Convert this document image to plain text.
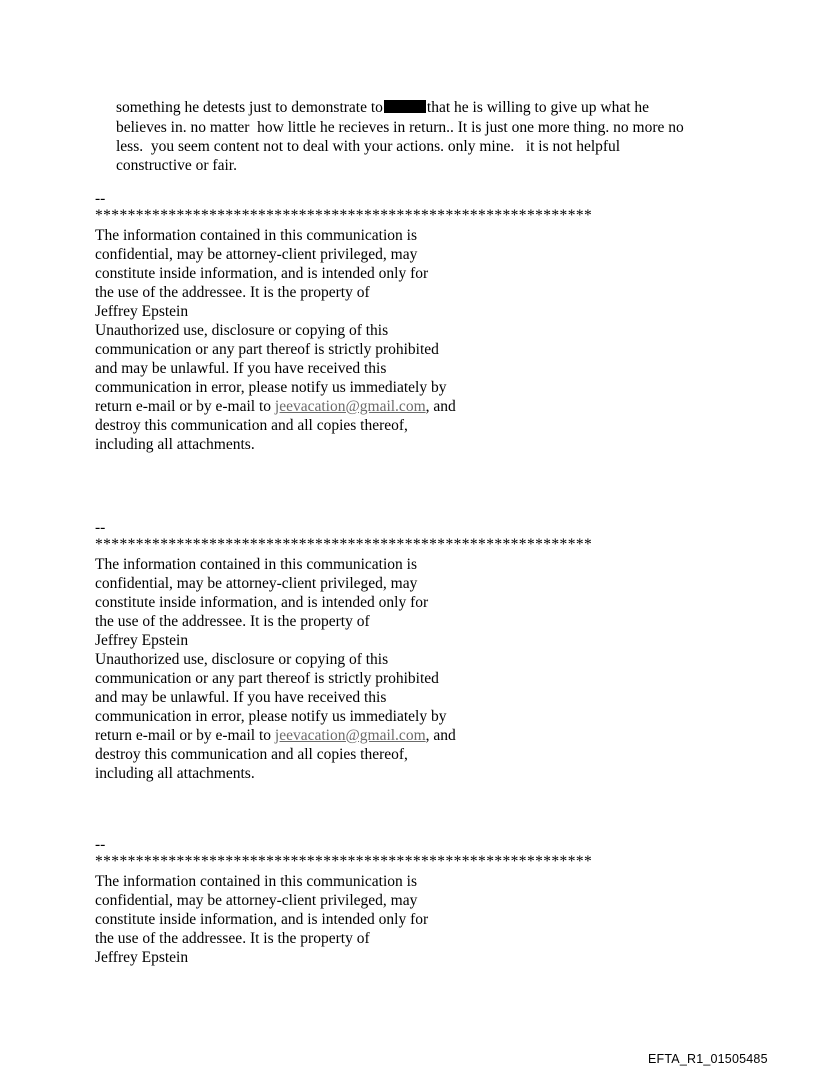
something he detests just to demonstrate to	that he is willing to give up what he
believes in. no matter  how little he recieves in return.. It is just one more thing. no more no
less.  you seem content not to deal with your actions. only mine.   it is not helpful
constructive or fair.
--
*************************************************************
The information contained in this communication is
confidential, may be attorney-client privileged, may
constitute inside information, and is intended only for
the use of the addressee. It is the property of
Jeffrey Epstein
Unauthorized use, disclosure or copying of this
communication or any part thereof is strictly prohibited
and may be unlawful. If you have received this
communication in error, please notify us immediately by
return e-mail or by e-mail to jeevacation@gmail.com, and
destroy this communication and all copies thereof,
including all attachments.
--
*************************************************************
The information contained in this communication is
confidential, may be attorney-client privileged, may
constitute inside information, and is intended only for
the use of the addressee. It is the property of
Jeffrey Epstein
Unauthorized use, disclosure or copying of this
communication or any part thereof is strictly prohibited
and may be unlawful. If you have received this
communication in error, please notify us immediately by
return e-mail or by e-mail to jeevacation@gmail.com, and
destroy this communication and all copies thereof,
including all attachments.
--
*************************************************************
The information contained in this communication is
confidential, may be attorney-client privileged, may
constitute inside information, and is intended only for
the use of the addressee. It is the property of
Jeffrey Epstein
EFTA_R1_01505485
